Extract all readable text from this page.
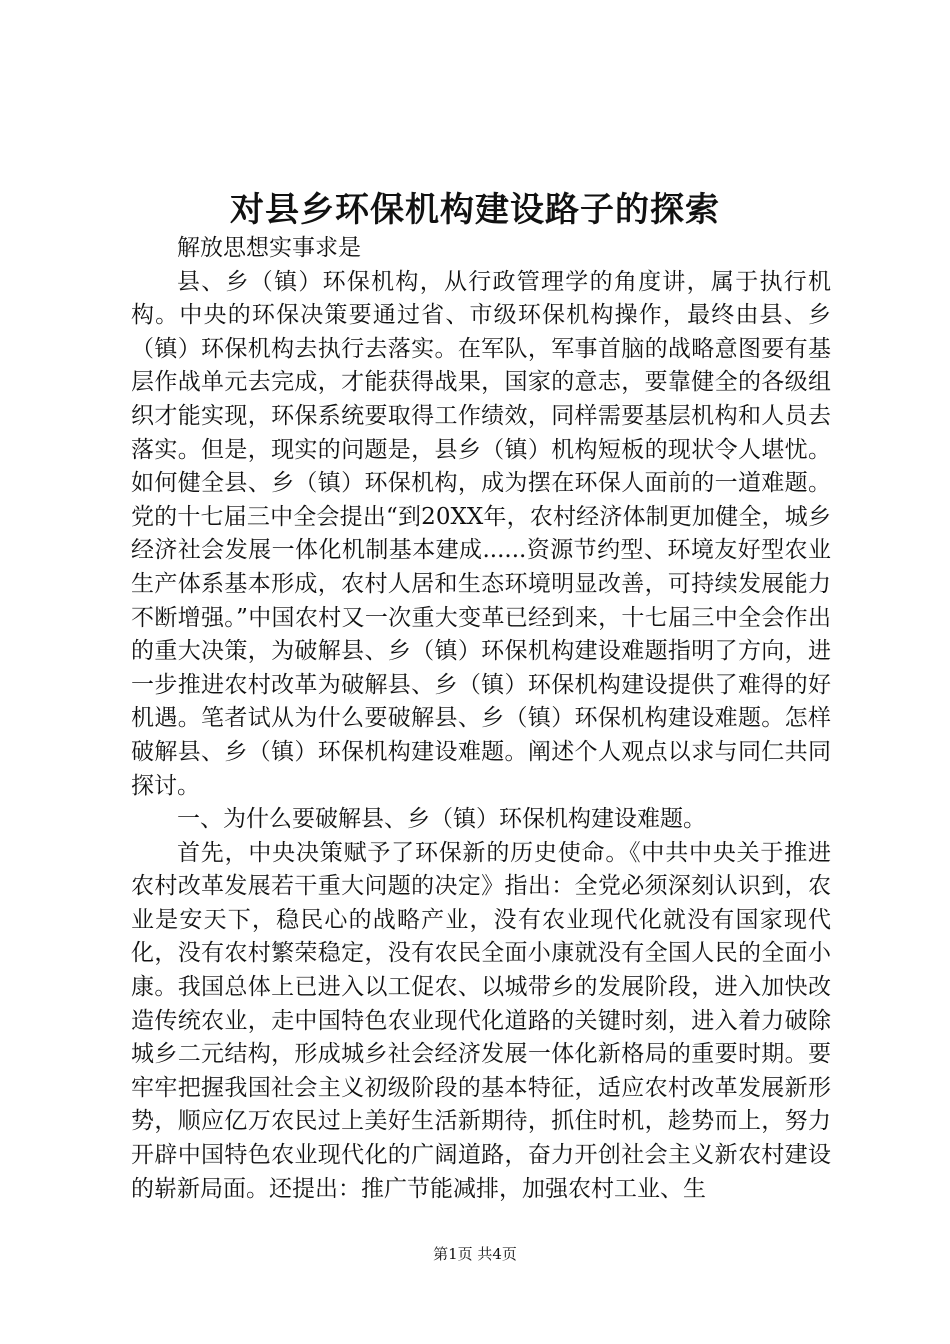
对县乡环保机构建设路子的探索

解放思想实事求是

县、乡（镇）环保机构，从行政管理学的角度讲，属于执行机构。中央的环保决策要通过省、市级环保机构操作，最终由县、乡（镇）环保机构去执行去落实。在军队，军事首脑的战略意图要有基层作战单元去完成，才能获得战果，国家的意志，要靠健全的各级组织才能实现，环保系统要取得工作绩效，同样需要基层机构和人员去落实。但是，现实的问题是，县乡（镇）机构短板的现状令人堪忧。如何健全县、乡（镇）环保机构，成为摆在环保人面前的一道难题。党的十七届三中全会提出“到20XX年，农村经济体制更加健全，城乡经济社会发展一体化机制基本建成......资源节约型、环境友好型农业生产体系基本形成，农村人居和生态环境明显改善，可持续发展能力不断增强。”中国农村又一次重大变革已经到来，十七届三中全会作出的重大决策，为破解县、乡（镇）环保机构建设难题指明了方向，进一步推进农村改革为破解县、乡（镇）环保机构建设提供了难得的好机遇。笔者试从为什么要破解县、乡（镇）环保机构建设难题。怎样破解县、乡（镇）环保机构建设难题。阐述个人观点以求与同仁共同探讨。

一、为什么要破解县、乡（镇）环保机构建设难题。

首先，中央决策赋予了环保新的历史使命。《中共中央关于推进农村改革发展若干重大问题的决定》指出：全党必须深刻认识到，农业是安天下，稳民心的战略产业，没有农业现代化就没有国家现代化，没有农村繁荣稳定，没有农民全面小康就没有全国人民的全面小康。我国总体上已进入以工促农、以城带乡的发展阶段，进入加快改造传统农业，走中国特色农业现代化道路的关键时刻，进入着力破除城乡二元结构，形成城乡社会经济发展一体化新格局的重要时期。要牢牢把握我国社会主义初级阶段的基本特征，适应农村改革发展新形势，顺应亿万农民过上美好生活新期待，抓住时机，趁势而上，努力开辟中国特色农业现代化的广阔道路，奋力开创社会主义新农村建设的崭新局面。还提出：推广节能减排，加强农村工业、生

第1页 共4页
